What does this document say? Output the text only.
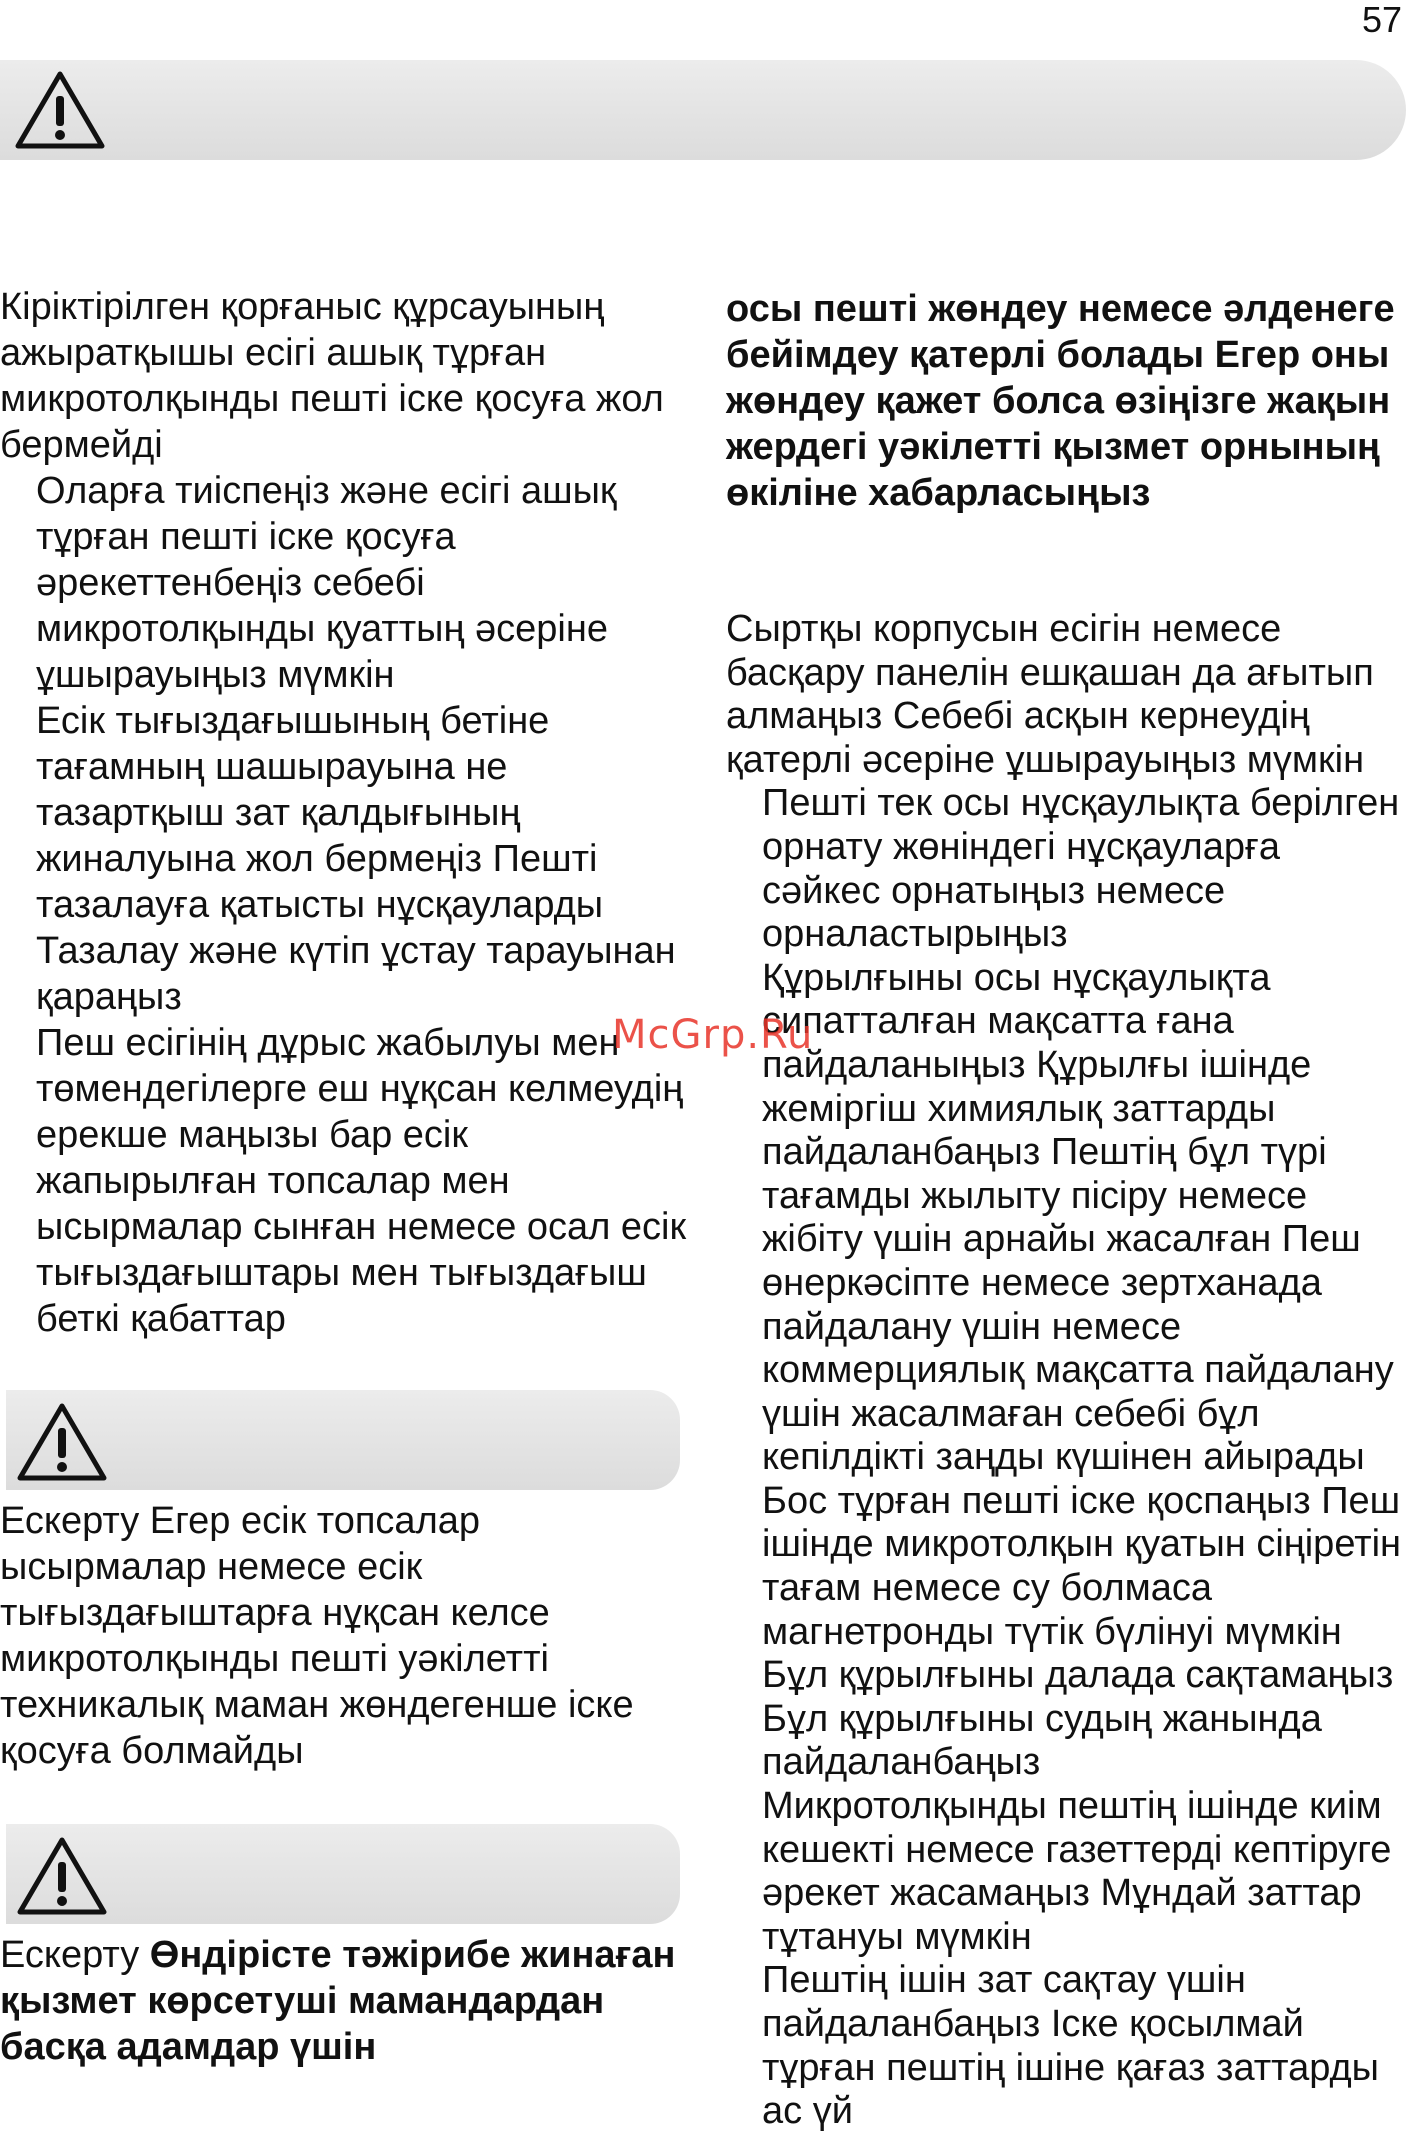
57

Кіріктірілген қорғаныс құрсауының ажыратқышы есігі ашық тұрған микротолқынды пешті іске қосуға жол бермейді

Оларға тиіспеңіз және есігі ашық тұрған пешті іске қосуға әрекеттенбеңіз себебі микротолқынды қуаттың әсеріне ұшырауыңыз мүмкін

Есік тығыздағышының бетіне тағамның шашырауына не тазартқыш зат қалдығының жиналуына жол бермеңіз Пешті тазалауға қатысты нұсқауларды Тазалау және күтіп ұстау тарауынан қараңыз

Пеш есігінің дұрыс жабылуы мен төмендегілерге еш нұқсан келмеудің ерекше маңызы бар есік жапырылған топсалар мен ысырмалар сынған немесе осал есік тығыздағыштары мен тығыздағыш беткі қабаттар

Ескерту Егер есік топсалар ысырмалар немесе есік тығыздағыштарға нұқсан келсе микротолқынды пешті уәкілетті техникалық маман жөндегенше іске қосуға болмайды

Ескерту Өндірісте тәжірибе жинаған қызмет көрсетуші мамандардан басқа адамдар үшін

осы пешті жөндеу немесе әлденеге бейімдеу қатерлі болады Егер оны жөндеу қажет болса өзіңізге жақын жердегі уәкілетті қызмет орнының өкіліне хабарласыңыз

Сыртқы корпусын есігін немесе басқару панелін ешқашан да ағытып алмаңыз Себебі асқын кернеудің қатерлі әсеріне ұшырауыңыз мүмкін

Пешті тек осы нұсқаулықта берілген орнату жөніндегі нұсқауларға сәйкес орнатыңыз немесе орналастырыңыз

Құрылғыны осы нұсқаулықта сипатталған мақсатта ғана пайдаланыңыз Құрылғы ішінде жеміргіш химиялық заттарды пайдаланбаңыз Пештің бұл түрі тағамды жылыту пісіру немесе жібіту үшін арнайы жасалған Пеш өнеркәсіпте немесе зертханада пайдалану үшін немесе коммерциялық мақсатта пайдалану үшін жасалмаған себебі бұл кепілдікті заңды күшінен айырады

Бос тұрған пешті іске қоспаңыз Пеш ішінде микротолқын қуатын сіңіретін тағам немесе су болмаса магнетронды түтік бүлінуі мүмкін

Бұл құрылғыны далада сақтамаңыз Бұл құрылғыны судың жанында пайдаланбаңыз

Микротолқынды пештің ішінде киім кешекті немесе газеттерді кептіруге әрекет жасамаңыз Мұндай заттар тұтануы мүмкін

Пештің ішін зат сақтау үшін пайдаланбаңыз Іске қосылмай тұрған пештің ішіне қағаз заттарды ас үй

McGrp.Ru
